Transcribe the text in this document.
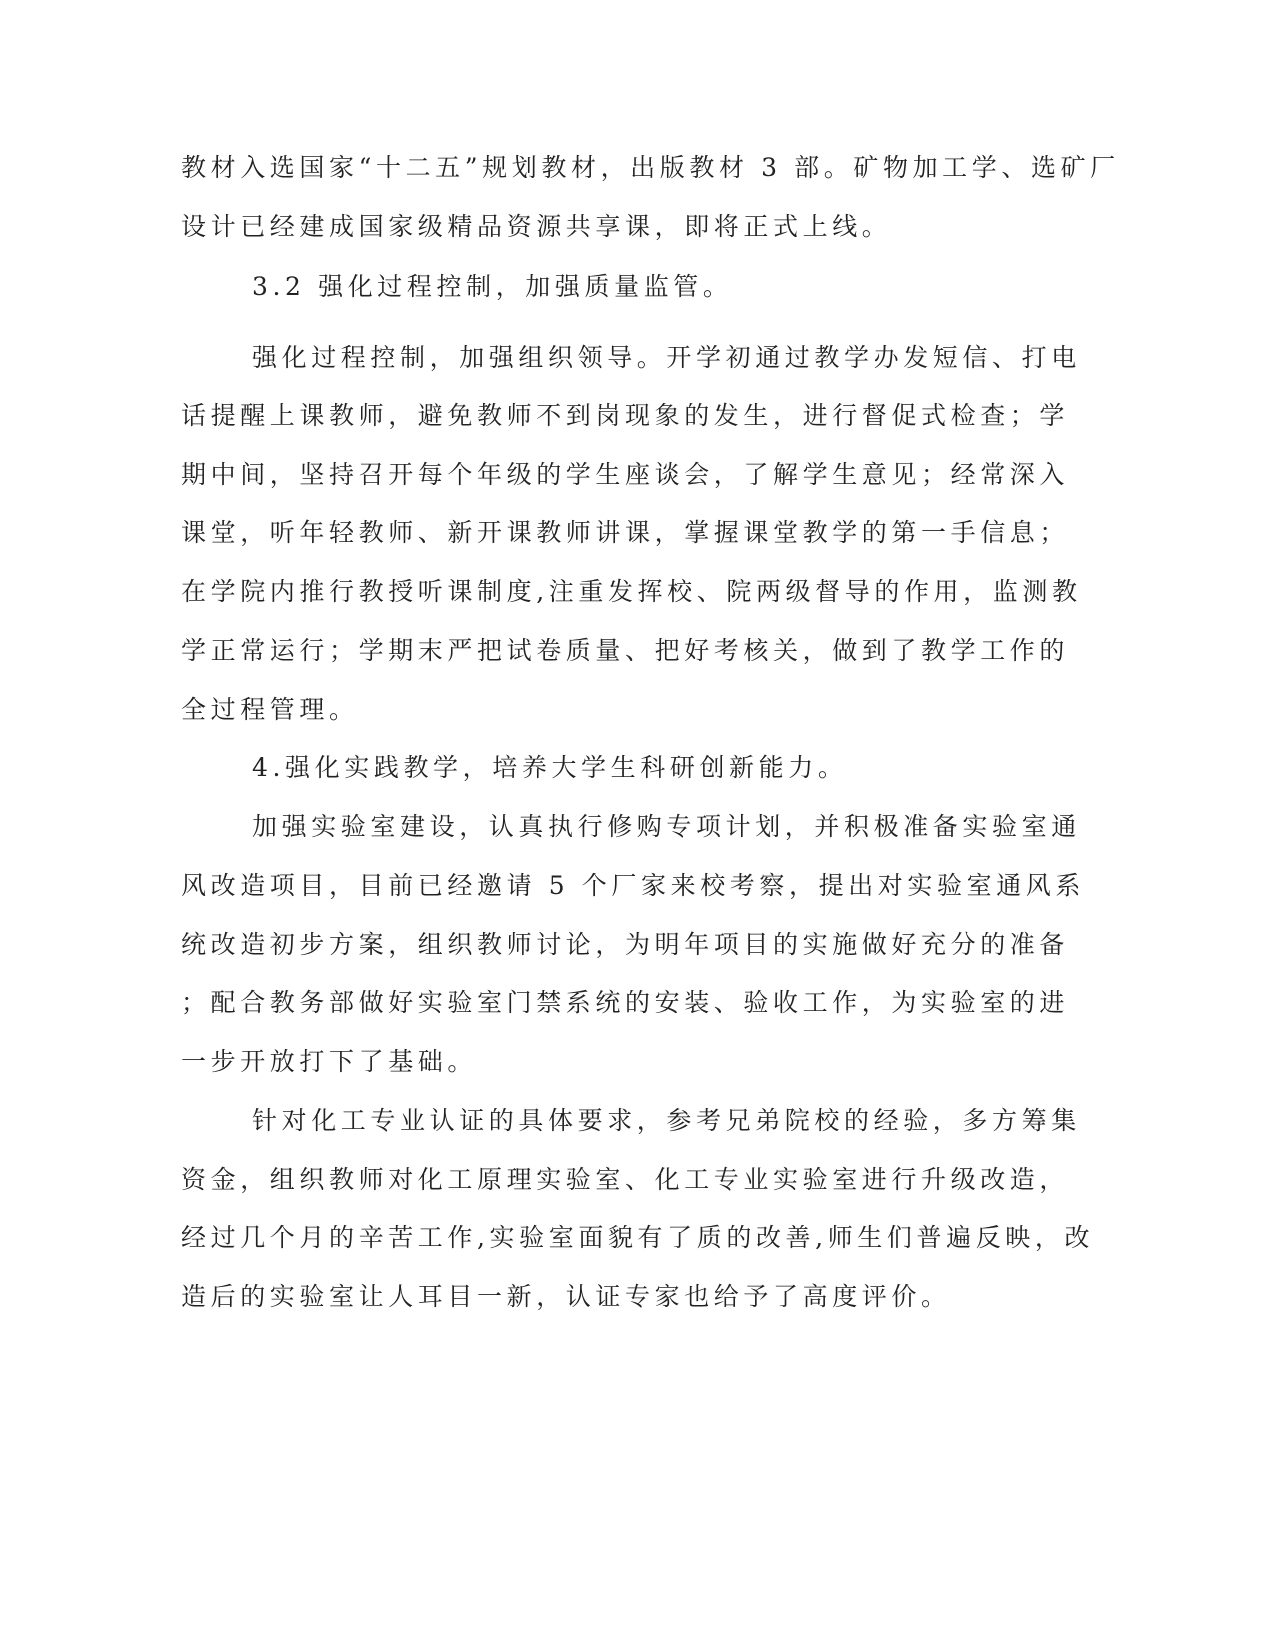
教材入选国家“十二五”规划教材，出版教材 3 部。矿物加工学、选矿厂
设计已经建成国家级精品资源共享课，即将正式上线。
3.2 强化过程控制，加强质量监管。
强化过程控制，加强组织领导。开学初通过教学办发短信、打电
话提醒上课教师，避免教师不到岗现象的发生，进行督促式检查；学
期中间，坚持召开每个年级的学生座谈会，了解学生意见；经常深入
课堂，听年轻教师、新开课教师讲课，掌握课堂教学的第一手信息；
在学院内推行教授听课制度,注重发挥校、院两级督导的作用，监测教
学正常运行；学期末严把试卷质量、把好考核关，做到了教学工作的
全过程管理。
4.强化实践教学，培养大学生科研创新能力。
加强实验室建设，认真执行修购专项计划，并积极准备实验室通
风改造项目，目前已经邀请 5 个厂家来校考察，提出对实验室通风系
统改造初步方案，组织教师讨论，为明年项目的实施做好充分的准备
；配合教务部做好实验室门禁系统的安装、验收工作，为实验室的进
一步开放打下了基础。
针对化工专业认证的具体要求，参考兄弟院校的经验，多方筹集
资金，组织教师对化工原理实验室、化工专业实验室进行升级改造，
经过几个月的辛苦工作,实验室面貌有了质的改善,师生们普遍反映，改
造后的实验室让人耳目一新，认证专家也给予了高度评价。
